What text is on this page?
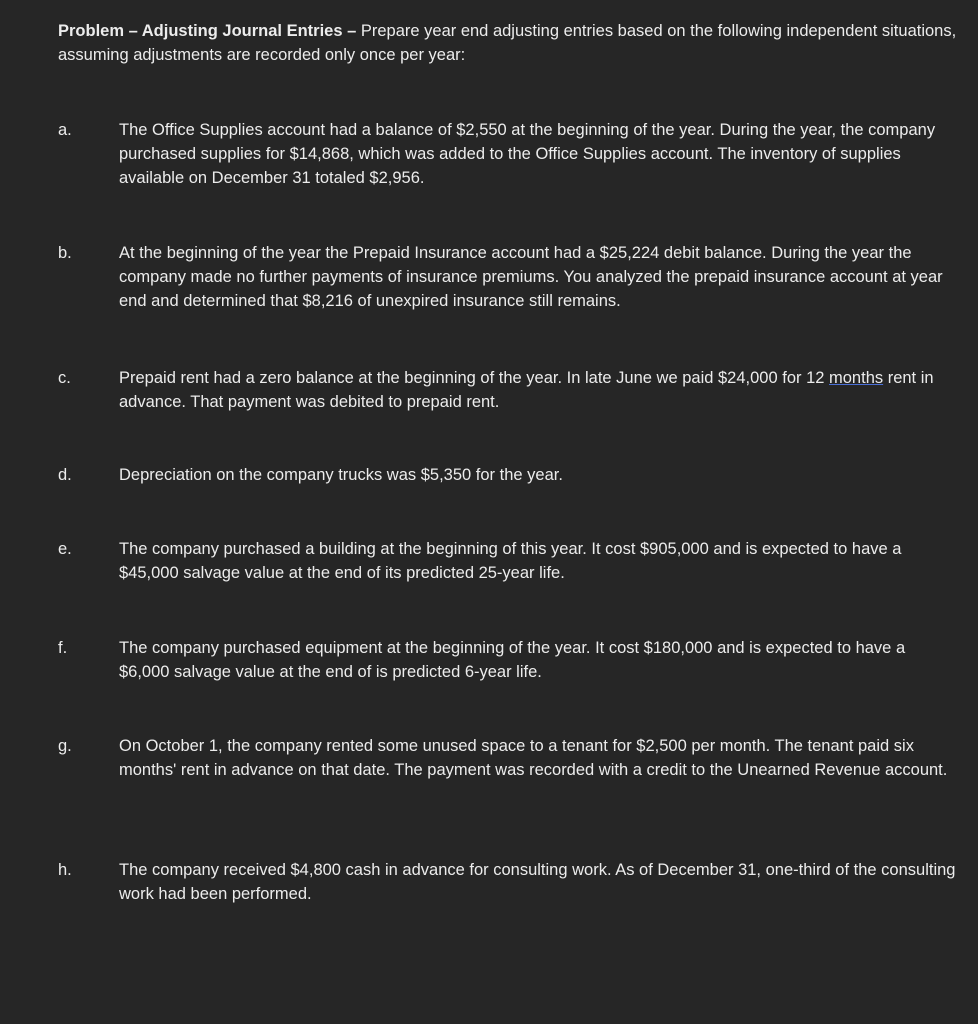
Problem – Adjusting Journal Entries – Prepare year end adjusting entries based on the following independent situations, assuming adjustments are recorded only once per year:
a.	The Office Supplies account had a balance of $2,550 at the beginning of the year. During the year, the company purchased supplies for $14,868, which was added to the Office Supplies account. The inventory of supplies available on December 31 totaled $2,956.
b.	At the beginning of the year the Prepaid Insurance account had a $25,224 debit balance. During the year the company made no further payments of insurance premiums. You analyzed the prepaid insurance account at year end and determined that $8,216 of unexpired insurance still remains.
c.	Prepaid rent had a zero balance at the beginning of the year. In late June we paid $24,000 for 12 months rent in advance. That payment was debited to prepaid rent.
d.	Depreciation on the company trucks was $5,350 for the year.
e.	The company purchased a building at the beginning of this year. It cost $905,000 and is expected to have a $45,000 salvage value at the end of its predicted 25-year life.
f.	The company purchased equipment at the beginning of the year. It cost $180,000 and is expected to have a $6,000 salvage value at the end of is predicted 6-year life.
g.	On October 1, the company rented some unused space to a tenant for $2,500 per month. The tenant paid six months' rent in advance on that date. The payment was recorded with a credit to the Unearned Revenue account.
h.	The company received $4,800 cash in advance for consulting work. As of December 31, one-third of the consulting work had been performed.
